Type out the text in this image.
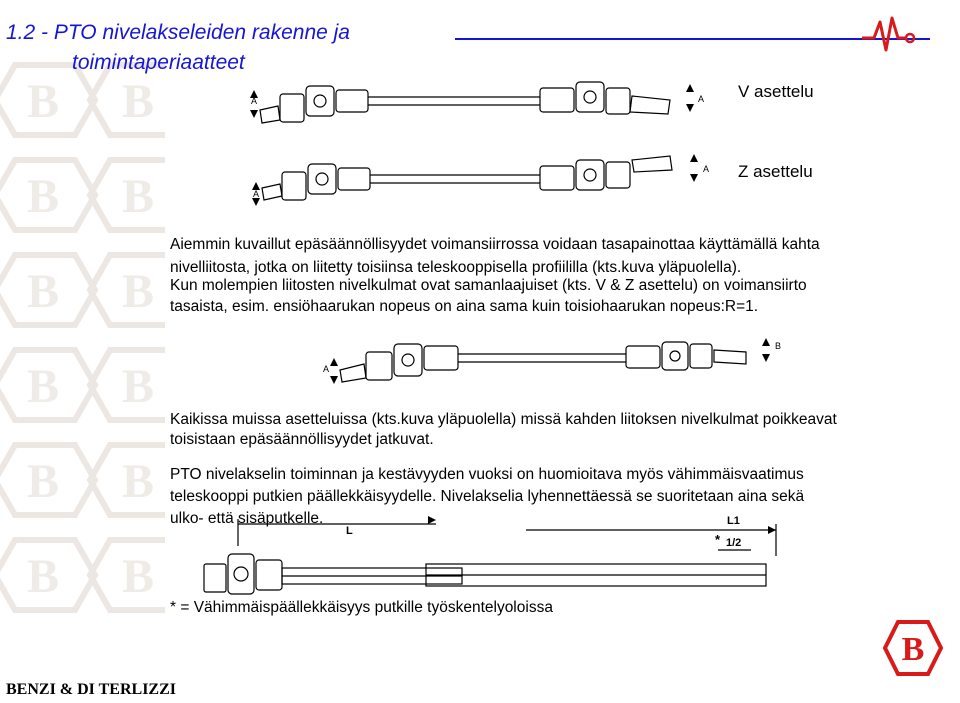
B B
B B
B B
B B
B B
B B
1.2 - PTO nivelakseleiden rakenne ja
toimintaperiaatteet
A	A V asettelu
A
A Z asettelu
Aiemmin kuvaillut epäsäännöllisyydet voimansiirrossa voidaan tasapainottaa käyttämällä kahta
nivelliitosta, jotka on liitetty toisiinsa teleskooppisella profiililla (kts.kuva yläpuolella).
Kun molempien liitosten nivelkulmat ovat samanlaajuiset (kts. V & Z asettelu) on voimansiirto
tasaista, esim. ensiöhaarukan nopeus on aina sama kuin toisiohaarukan nopeus:R=1.
A
B
Kaikissa muissa asetteluissa (kts.kuva yläpuolella) missä kahden liitoksen nivelkulmat poikkeavat
toisistaan epäsäännöllisyydet jatkuvat.
PTO nivelakselin toiminnan ja kestävyyden vuoksi on huomioitava myös vähimmäisvaatimus
teleskooppi putkien päällekkäisyydelle. Nivelakselia lyhennettäessä se suoritetaan aina sekä
ulko- että sisäputkelle.
L
L1
* 1/2
* = Vähimmäispäällekkäisyys putkille työskentelyoloissa
BENZI & DI TERLIZZI
B
